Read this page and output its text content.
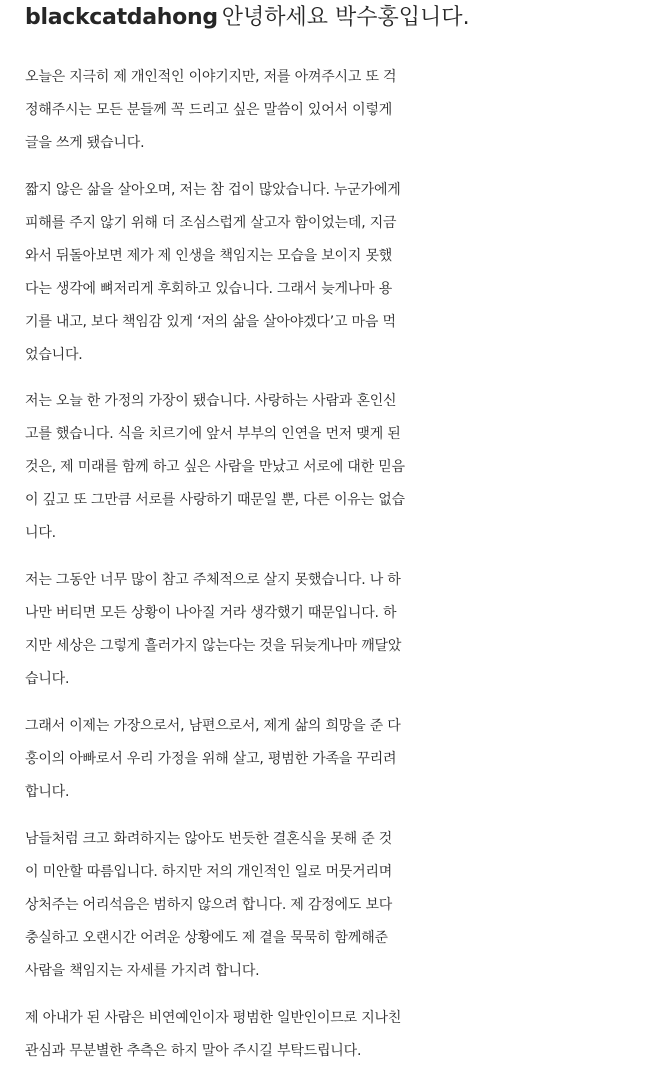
blackcatdahong 안녕하세요 박수홍입니다.

오늘은 지극히 제 개인적인 이야기지만, 저를 아껴주시고 또 걱
정해주시는 모든 분들께 꼭 드리고 싶은 말씀이 있어서 이렇게
글을 쓰게 됐습니다.

짧지 않은 삶을 살아오며, 저는 참 겁이 많았습니다. 누군가에게
피해를 주지 않기 위해 더 조심스럽게 살고자 함이었는데, 지금
와서 뒤돌아보면 제가 제 인생을 책임지는 모습을 보이지 못했
다는 생각에 뼈저리게 후회하고 있습니다. 그래서 늦게나마 용
기를 내고, 보다 책임감 있게 ‘저의 삶을 살아야겠다’고 마음 먹
었습니다.

저는 오늘 한 가정의 가장이 됐습니다. 사랑하는 사람과 혼인신
고를 했습니다. 식을 치르기에 앞서 부부의 인연을 먼저 맺게 된
것은, 제 미래를 함께 하고 싶은 사람을 만났고 서로에 대한 믿음
이 깊고 또 그만큼 서로를 사랑하기 때문일 뿐, 다른 이유는 없습
니다.

저는 그동안 너무 많이 참고 주체적으로 살지 못했습니다. 나 하
나만 버티면 모든 상황이 나아질 거라 생각했기 때문입니다. 하
지만 세상은 그렇게 흘러가지 않는다는 것을 뒤늦게나마 깨달았
습니다.

그래서 이제는 가장으로서, 남편으로서, 제게 삶의 희망을 준 다
홍이의 아빠로서 우리 가정을 위해 살고, 평범한 가족을 꾸리려
합니다.

남들처럼 크고 화려하지는 않아도 번듯한 결혼식을 못해 준 것
이 미안할 따름입니다. 하지만 저의 개인적인 일로 머뭇거리며
상처주는 어리석음은 범하지 않으려 합니다. 제 감정에도 보다
충실하고 오랜시간 어려운 상황에도 제 곁을 묵묵히 함께해준
사람을 책임지는 자세를 가지려 합니다.

제 아내가 된 사람은 비연예인이자 평범한 일반인이므로 지나친
관심과 무분별한 추측은 하지 말아 주시길 부탁드립니다.
